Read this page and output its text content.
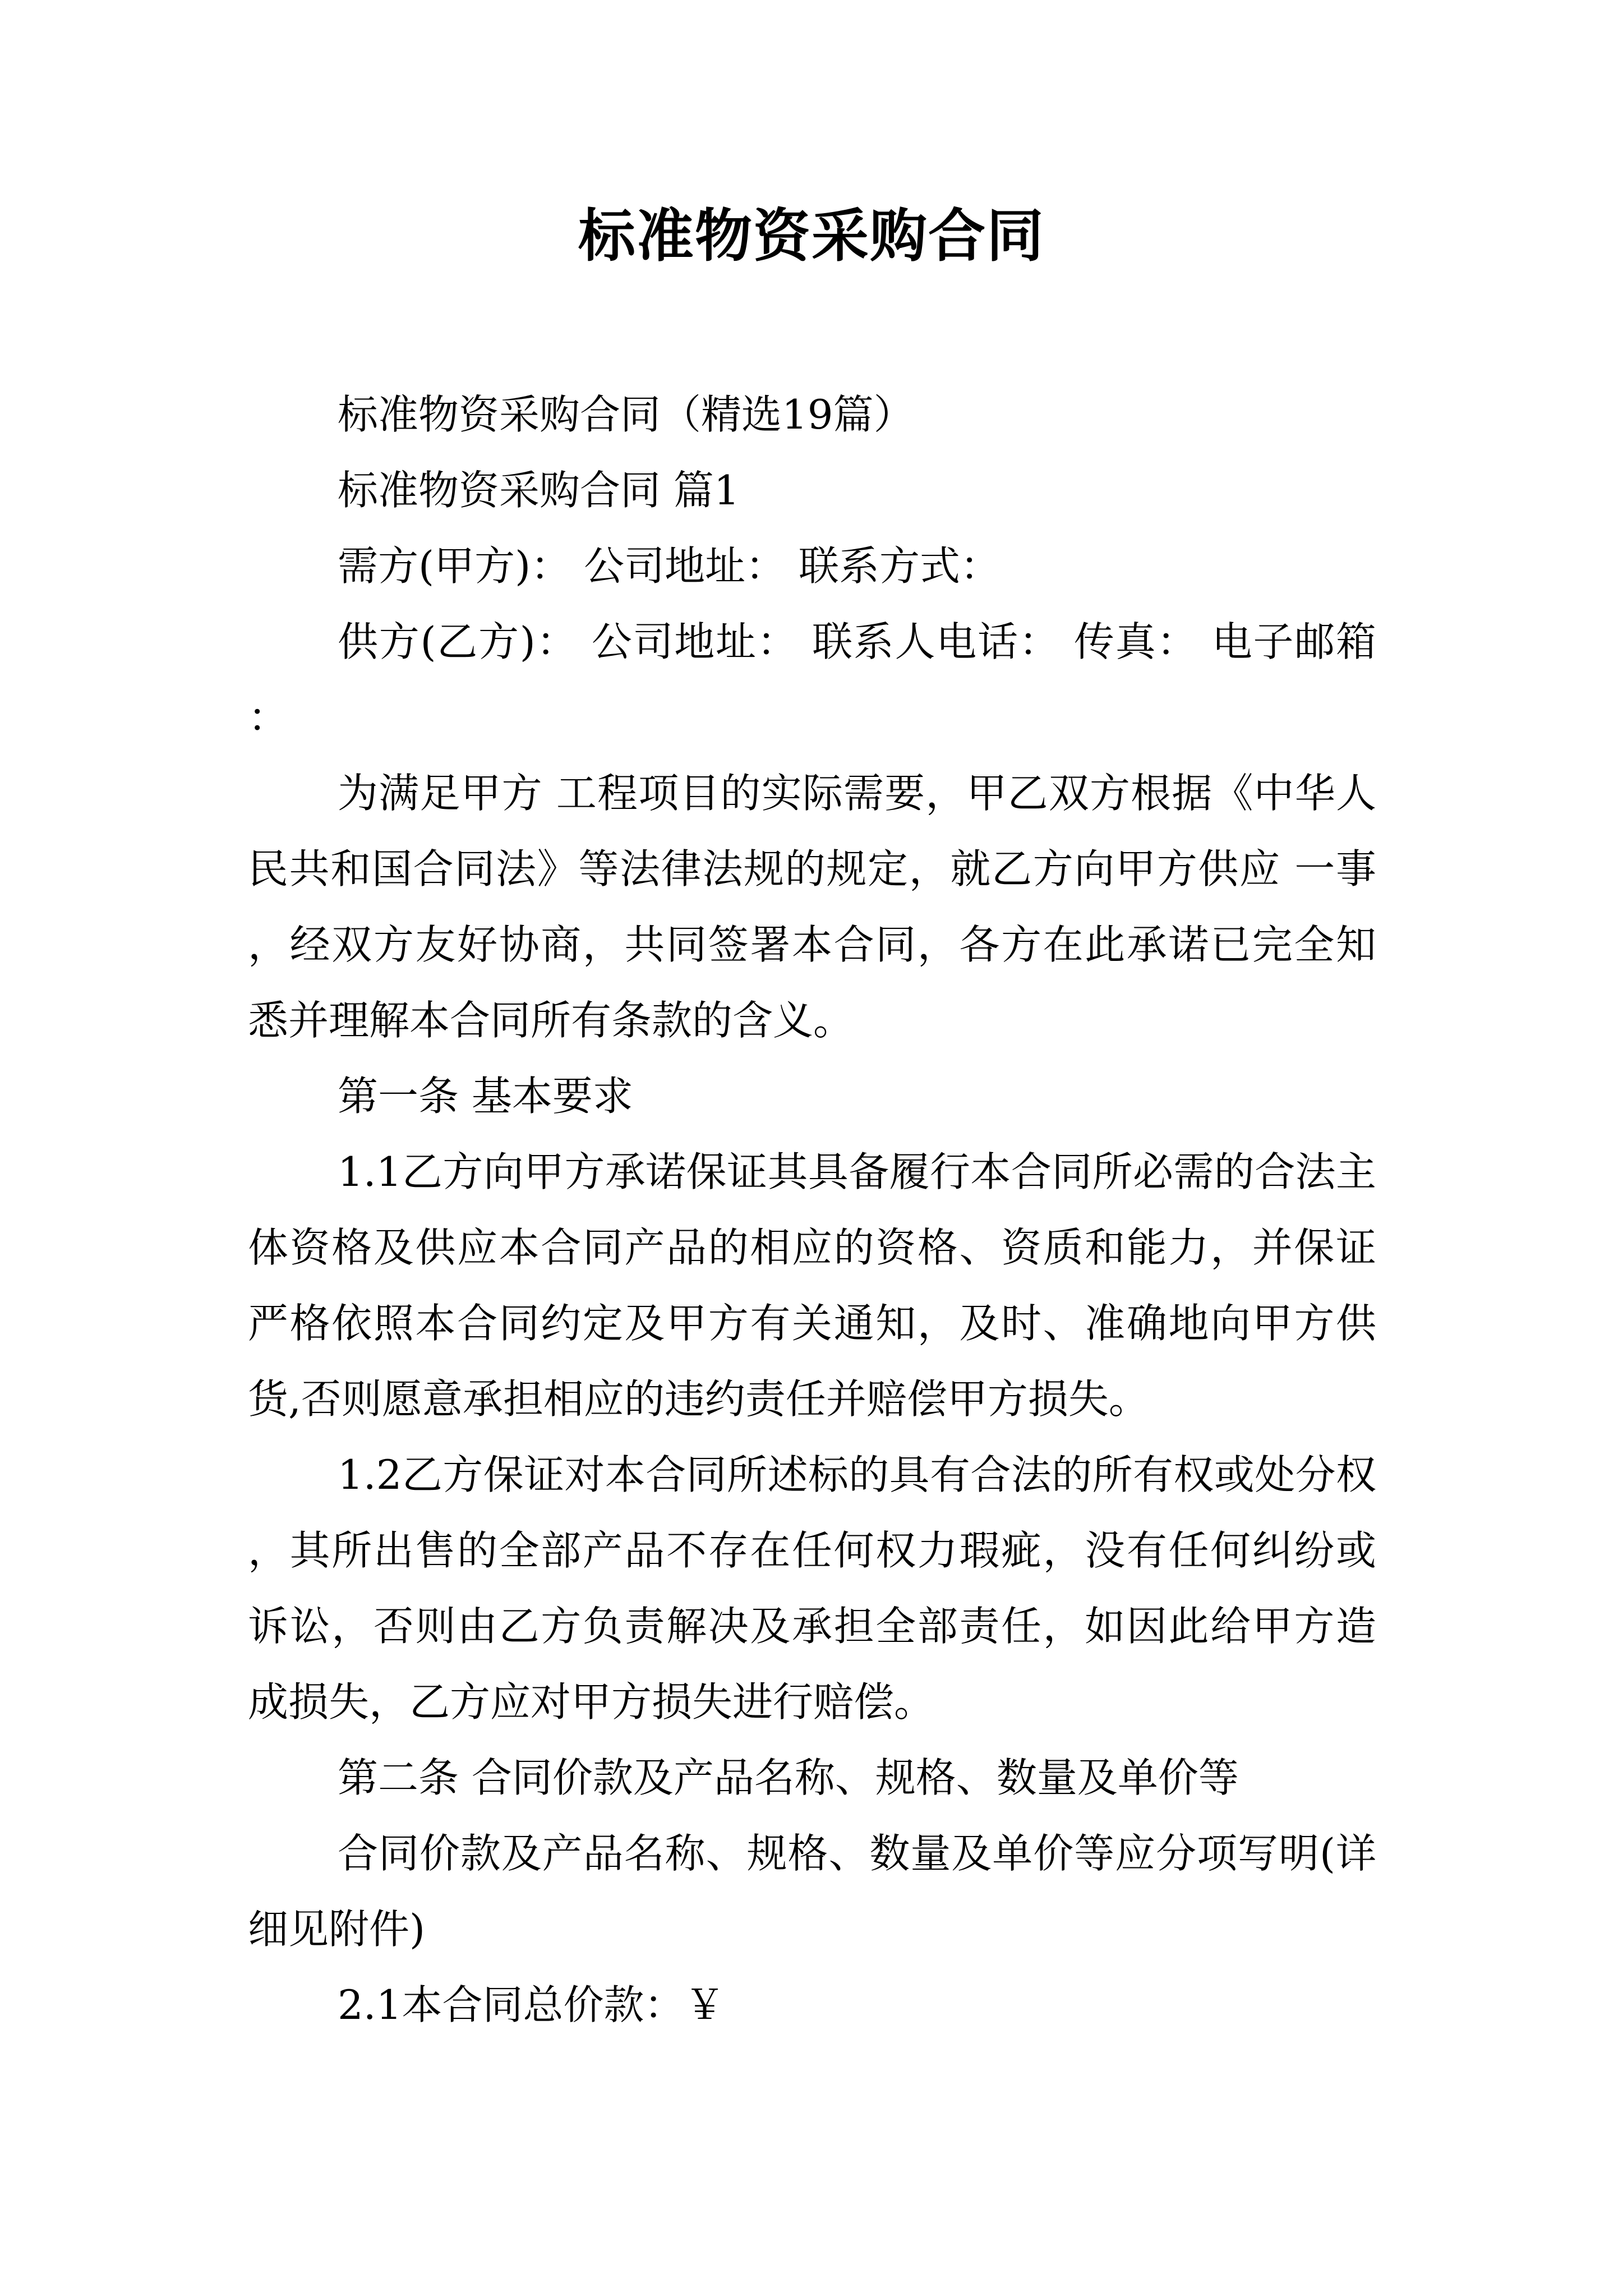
标准物资采购合同

标准物资采购合同（精选19篇）

标准物资采购合同 篇1

需方(甲方)： 公司地址： 联系方式：

供方(乙方)： 公司地址： 联系人电话： 传真： 电子邮箱：

为满足甲方 工程项目的实际需要，甲乙双方根据《中华人民共和国合同法》等法律法规的规定，就乙方向甲方供应 一事，经双方友好协商，共同签署本合同，各方在此承诺已完全知悉并理解本合同所有条款的含义。

第一条 基本要求

1.1乙方向甲方承诺保证其具备履行本合同所必需的合法主体资格及供应本合同产品的相应的资格、资质和能力，并保证严格依照本合同约定及甲方有关通知，及时、准确地向甲方供货,否则愿意承担相应的违约责任并赔偿甲方损失。

1.2乙方保证对本合同所述标的具有合法的所有权或处分权，其所出售的全部产品不存在任何权力瑕疵，没有任何纠纷或诉讼，否则由乙方负责解决及承担全部责任，如因此给甲方造成损失，乙方应对甲方损失进行赔偿。

第二条 合同价款及产品名称、规格、数量及单价等

合同价款及产品名称、规格、数量及单价等应分项写明(详细见附件)

2.1本合同总价款：￥
